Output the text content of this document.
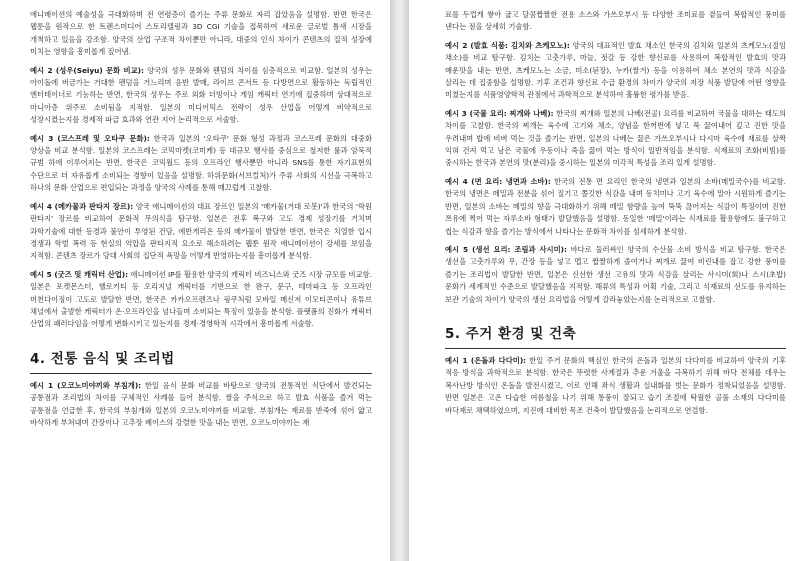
애니메이션의 예술성을 극대화하며 전 연령층이 즐기는 주류 문화로 자리 잡았음을 설명함. 반면 한국은 웹툰을 원작으로 한 트랜스미디어 스토리텔링과 3D CGI 기술을 접목하여 새로운 글로벌 틈새 시장을 개척하고 있음을 강조함. 양국의 산업 구조적 차이뿐만 아니라, 대중의 인식 차이가 콘텐츠의 질적 성장에 미치는 영향을 흥미롭게 짚어냄.

예시 2 (성우(Seiyu) 문화 비교): 양국의 성우 문화와 팬덤의 차이를 심층적으로 비교함. 일본의 성우는 아이돌에 버금가는 거대한 팬덤을 거느리며 음반 발매, 라이브 콘서트 등 다방면으로 활동하는 독립적인 엔터테이너로 기능하는 반면, 한국의 성우는 주로 외화 더빙이나 게임 캐릭터 연기에 집중하며 상대적으로 마니아층 위주로 소비됨을 지적함. 일본의 미디어믹스 전략이 성우 산업을 어떻게 비약적으로 성장시켰는지를 경제적 파급 효과와 연관 지어 논리적으로 서술함.

예시 3 (코스프레 및 오타쿠 문화): 한국과 일본의 '오타쿠' 문화 형성 과정과 코스프레 문화의 대중화 양상을 비교 분석함. 일본의 코스프레는 코믹마켓(코미케) 등 대규모 행사를 중심으로 철저한 룰과 암묵적 규범 하에 이루어지는 반면, 한국은 코믹월드 등의 오프라인 행사뿐만 아니라 SNS를 통한 자기표현의 수단으로 더 자유롭게 소비되는 경향이 있음을 설명함. 하위문화(서브컬처)가 주류 사회의 시선을 극복하고 하나의 문화 산업으로 편입되는 과정을 양국의 사례를 통해 매끄럽게 고찰함.

예시 4 (메카물과 판타지 장르): 양국 애니메이션의 대표 장르인 일본의 '메카물(거대 로봇)'과 한국의 '학원 판타지' 장르를 비교하여 문화적 무의식을 탐구함. 일본은 전후 복구와 고도 경제 성장기를 거치며 과학기술에 대한 동경과 불안이 투영된 건담, 에반게리온 등의 메카물이 발달한 반면, 한국은 치열한 입시 경쟁과 학벌 폭력 등 현실의 억압을 판타지적 요소로 해소하려는 웹툰 원작 애니메이션이 강세를 보임을 지적함. 콘텐츠 장르가 당대 사회의 집단적 욕망을 어떻게 반영하는지를 흥미롭게 분석함.

예시 5 (굿즈 및 캐릭터 산업): 애니메이션 IP를 활용한 양국의 캐릭터 비즈니스와 굿즈 시장 규모를 비교함. 일본은 포켓몬스터, 헬로키티 등 오리지널 캐릭터를 기반으로 한 완구, 문구, 테마파크 등 오프라인 머천다이징이 고도로 발달한 반면, 한국은 카카오프렌즈나 핑쿠처럼 모바일 메신저 이모티콘이나 유튜브 채널에서 출발한 캐릭터가 온·오프라인을 넘나들며 소비되는 특징이 있음을 분석함. 플랫폼의 진화가 캐릭터 산업의 패러다임을 어떻게 변화시키고 있는지를 경제·경영학적 시각에서 흥미롭게 서술함.

4. 전통 음식 및 조리법

예시 1 (오코노미야끼와 부침개): 한일 음식 문화 비교를 바탕으로 양국의 전통적인 식단에서 발견되는 공통점과 조리법의 차이를 구체적인 사례를 들어 분석함. 쌀을 주식으로 하고 발효 식품을 즐겨 먹는 공통점을 언급한 후, 한국의 부침개와 일본의 오코노미야끼를 비교함. 부침개는 재료를 반죽에 섞어 얇고 바삭하게 부쳐내며 간장이나 고추장 베이스의 강렬한 맛을 내는 반면, 오코노미야끼는 재

료를 두껍게 쌓아 굽고 달콤짭짤한 전용 소스와 가쓰오부시 등 다양한 조미료를 곁들여 복합적인 풍미를 낸다는 점을 상세히 기술함.

예시 2 (발효 식품: 김치와 츠케모노): 양국의 대표적인 발효 채소인 한국의 김치와 일본의 츠케모노(절임 채소)를 비교 탐구함. 김치는 고춧가루, 마늘, 젓갈 등 강한 향신료를 사용하여 복합적인 발효의 맛과 매운맛을 내는 반면, 츠케모노는 소금, 미소(된장), 누카(쌀겨) 등을 이용하여 채소 본연의 맛과 식감을 살리는 데 집중함을 설명함. 기후 조건과 향신료 수급 환경의 차이가 양국의 저장 식품 발달에 어떤 영향을 미쳤는지를 식품영양학적 관점에서 과학적으로 분석하여 훌륭한 평가를 받음.

예시 3 (국물 요리: 찌개와 나베): 한국의 찌개와 일본의 나베(전골) 요리를 비교하여 국물을 대하는 태도의 차이를 고찰함. 한국의 찌개는 육수에 고기와 채소, 양념을 한꺼번에 넣고 푹 끓여내어 깊고 진한 맛을 우려내며 밥에 비벼 먹는 것을 즐기는 반면, 일본의 나베는 끓은 가쓰오부시나 다시마 육수에 재료를 살짝 익혀 건져 먹고 남은 국물에 우동이나 죽을 끓여 먹는 방식이 일반적임을 분석함. 식재료의 조화(비빔)를 중시하는 한국과 본연의 맛(분리)을 중시하는 일본의 미각적 특성을 조리 있게 설명함.

예시 4 (면 요리: 냉면과 소바): 한국의 전통 면 요리인 한국의 냉면과 일본의 소바(메밀국수)를 비교함. 한국의 냉면은 메밀과 전분을 섞어 질기고 쫄깃한 식감을 내며 동치미나 고기 육수에 말아 시원하게 즐기는 반면, 일본의 소바는 메밀의 향을 극대화하기 위해 메밀 함량을 높여 뚝뚝 끊어지는 식감이 특징이며 진한 쯔유에 찍어 먹는 자루소바 형태가 발달했음을 설명함. 동일한 '메밀'이라는 식재료를 활용함에도 불구하고 씹는 식감과 향을 즐기는 방식에서 나타나는 문화적 차이를 섬세하게 분석함.

예시 5 (생선 요리: 조림과 사시미): 바다로 둘러싸인 양국의 수산물 소비 방식을 비교 탐구함. 한국은 생선을 고춧가루와 무, 간장 등을 넣고 맵고 짭짤하게 졸여거나 찌개로 끓여 비린내를 잡고 강한 풍미를 즐기는 조리법이 발달한 반면, 일본은 신선한 생선 고유의 맛과 식감을 살리는 사시미(회)나 스시(초밥) 문화가 세계적인 수준으로 발달했음을 지적함. 해류의 특성과 어획 기술, 그리고 식재료의 선도를 유지하는 보관 기술의 차이가 양국의 생선 요리법을 어떻게 갈라놓았는지를 논리적으로 고찰함.

5. 주거 환경 및 건축

예시 1 (온돌과 다다미): 한일 주거 문화의 핵심인 한국의 온돌과 일본의 다다미를 비교하여 양국의 기후 적응 방식을 과학적으로 분석함. 한국은 뚜렷한 사계절과 추운 겨울을 극복하기 위해 바닥 전체를 데우는 복사난방 방식인 온돌을 발전시켰고, 이로 인해 좌식 생활과 실내화를 벗는 문화가 정착되었음을 설명함. 반면 일본은 고온 다습한 여름철을 나기 위해 통풍이 잘되고 습기 조절에 탁월한 골풀 소재의 다다미를 바닥재로 채택하였으며, 지진에 대비한 목조 건축이 발달했음을 논리적으로 연결함.
